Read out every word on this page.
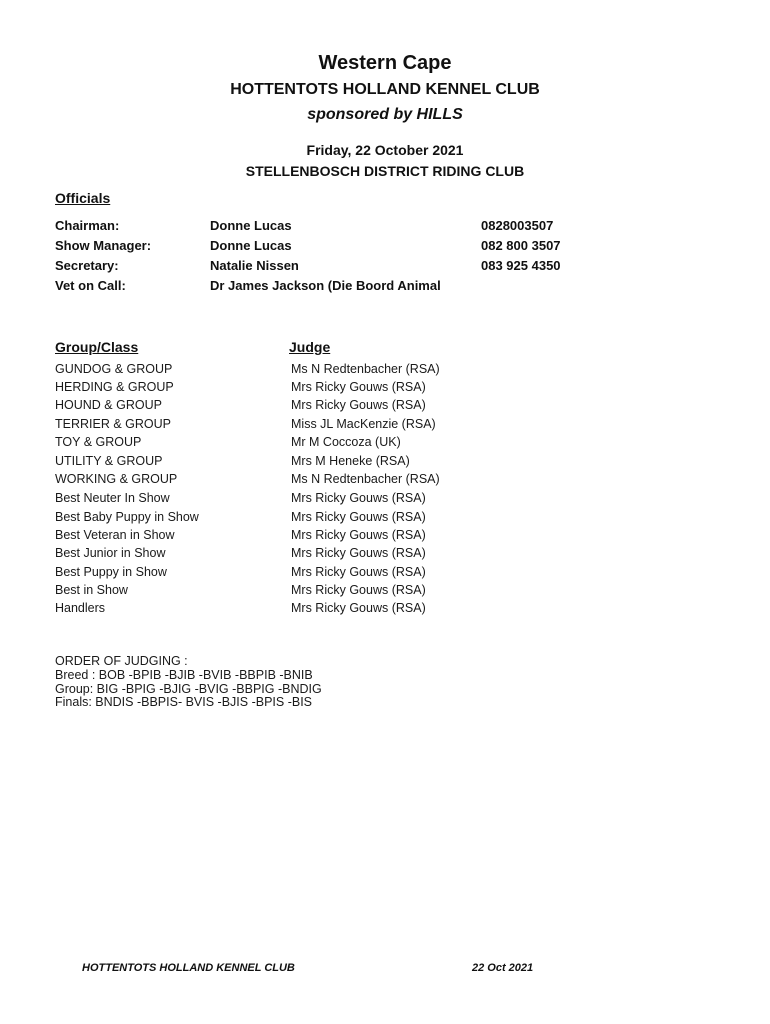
Western Cape
HOTTENTOTS HOLLAND KENNEL CLUB
sponsored by HILLS
Friday, 22 October 2021
STELLENBOSCH DISTRICT RIDING CLUB
Officials
Chairman:	Donne Lucas	0828003507
Show Manager:	Donne Lucas	082 800 3507
Secretary:	Natalie Nissen	083 925 4350
Vet on Call:	Dr James Jackson (Die Boord Animal
Group/Class	Judge
GUNDOG & GROUP	Ms N Redtenbacher (RSA)
HERDING & GROUP	Mrs Ricky Gouws (RSA)
HOUND & GROUP	Mrs Ricky Gouws (RSA)
TERRIER & GROUP	Miss JL MacKenzie (RSA)
TOY & GROUP	Mr M Coccoza (UK)
UTILITY & GROUP	Mrs M Heneke (RSA)
WORKING & GROUP	Ms N Redtenbacher (RSA)
Best Neuter In Show	Mrs Ricky Gouws (RSA)
Best Baby Puppy in Show	Mrs Ricky Gouws (RSA)
Best Veteran in Show	Mrs Ricky Gouws (RSA)
Best Junior in Show	Mrs Ricky Gouws (RSA)
Best Puppy in Show	Mrs Ricky Gouws (RSA)
Best in Show	Mrs Ricky Gouws (RSA)
Handlers	Mrs Ricky Gouws (RSA)
ORDER OF JUDGING :
Breed : BOB -BPIB -BJIB -BVIB -BBPIB -BNIB
Group: BIG -BPIG -BJIG -BVIG -BBPIG -BNDIG
Finals: BNDIS -BBPIS- BVIS -BJIS -BPIS -BIS
HOTTENTOTS HOLLAND KENNEL CLUB	22 Oct 2021
